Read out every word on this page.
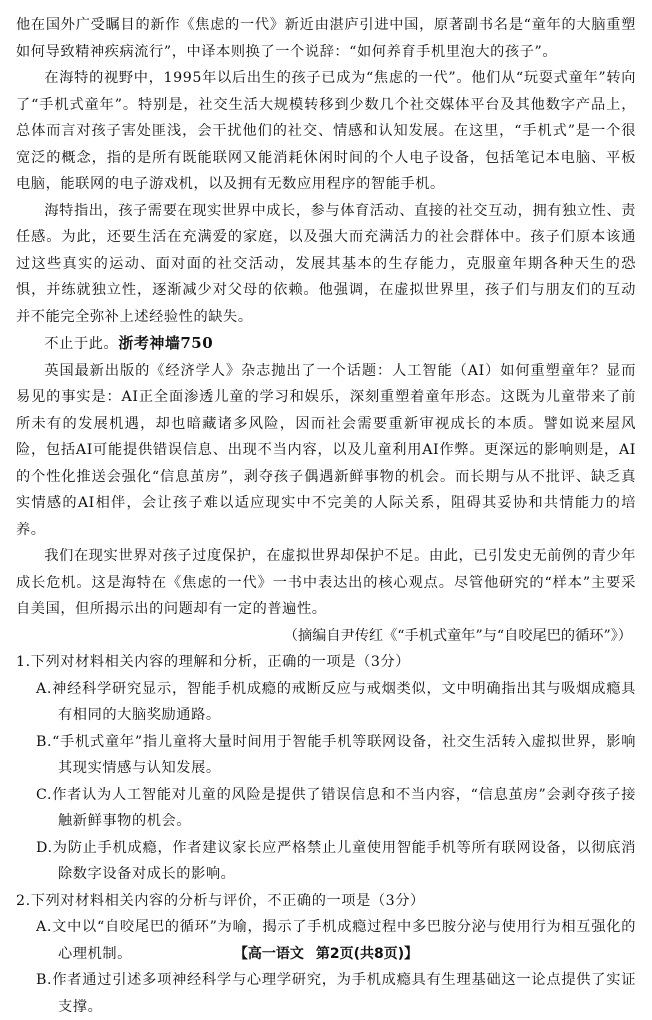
他在国外广受瞩目的新作《焦虑的一代》新近由湛庐引进中国，原著副书名是“童年的大脑重塑如何导致精神疾病流行”，中译本则换了一个说辞：“如何养育手机里泡大的孩子”。

在海特的视野中，1995年以后出生的孩子已成为“焦虑的一代”。他们从“玩耍式童年”转向了“手机式童年”。特别是，社交生活大规模转移到少数几个社交媒体平台及其他数字产品上，总体而言对孩子害处匪浅，会干扰他们的社交、情感和认知发展。在这里，“手机式”是一个很宽泛的概念，指的是所有既能联网又能消耗休闲时间的个人电子设备，包括笔记本电脑、平板电脑，能联网的电子游戏机，以及拥有无数应用程序的智能手机。

海特指出，孩子需要在现实世界中成长，参与体育活动、直接的社交互动，拥有独立性、责任感。为此，还要生活在充满爱的家庭，以及强大而充满活力的社会群体中。孩子们原本该通过这些真实的运动、面对面的社交活动，发展其基本的生存能力，克服童年期各种天生的恐惧，并练就独立性，逐渐减少对父母的依赖。他强调，在虚拟世界里，孩子们与朋友们的互动并不能完全弥补上述经验性的缺失。

不止于此。浙考神墙750

英国最新出版的《经济学人》杂志抛出了一个话题：人工智能（AI）如何重塑童年？显而易见的事实是：AI正全面渗透儿童的学习和娱乐，深刻重塑着童年形态。这既为儿童带来了前所未有的发展机遇，却也暗藏诸多风险，因而社会需要重新审视成长的本质。譬如说来屋风险，包括AI可能提供错误信息、出现不当内容，以及儿童利用AI作弊。更深远的影响则是，AI的个性化推送会强化“信息茧房”，剥夺孩子偶遇新鲜事物的机会。而长期与从不批评、缺乏真实情感的AI相伴，会让孩子难以适应现实中不完美的人际关系，阻碍其妥协和共情能力的培养。

我们在现实世界对孩子过度保护，在虚拟世界却保护不足。由此，已引发史无前例的青少年成长危机。这是海特在《焦虑的一代》一书中表达出的核心观点。尽管他研究的“样本”主要采自美国，但所揭示出的问题却有一定的普遍性。

（摘编自尹传红《“手机式童年”与“自咬尾巴的循环”》）

1.下列对材料相关内容的理解和分析，正确的一项是（3分）

A.神经科学研究显示，智能手机成瘾的戒断反应与戒烟类似，文中明确指出其与吸烟成瘾具有相同的大脑奖励通路。

B.“手机式童年”指儿童将大量时间用于智能手机等联网设备，社交生活转入虚拟世界，影响其现实情感与认知发展。

C.作者认为人工智能对儿童的风险是提供了错误信息和不当内容，“信息茧房”会剥夺孩子接触新鲜事物的机会。

D.为防止手机成瘾，作者建议家长应严格禁止儿童使用智能手机等所有联网设备，以彻底消除数字设备对成长的影响。

2.下列对材料相关内容的分析与评价，不正确的一项是（3分）

A.文中以“自咬尾巴的循环”为喻，揭示了手机成瘾过程中多巴胺分泌与使用行为相互强化的心理机制。

B.作者通过引述多项神经科学与心理学研究，为手机成瘾具有生理基础这一论点提供了实证支撑。

【高一语文 第2页(共8页)】
